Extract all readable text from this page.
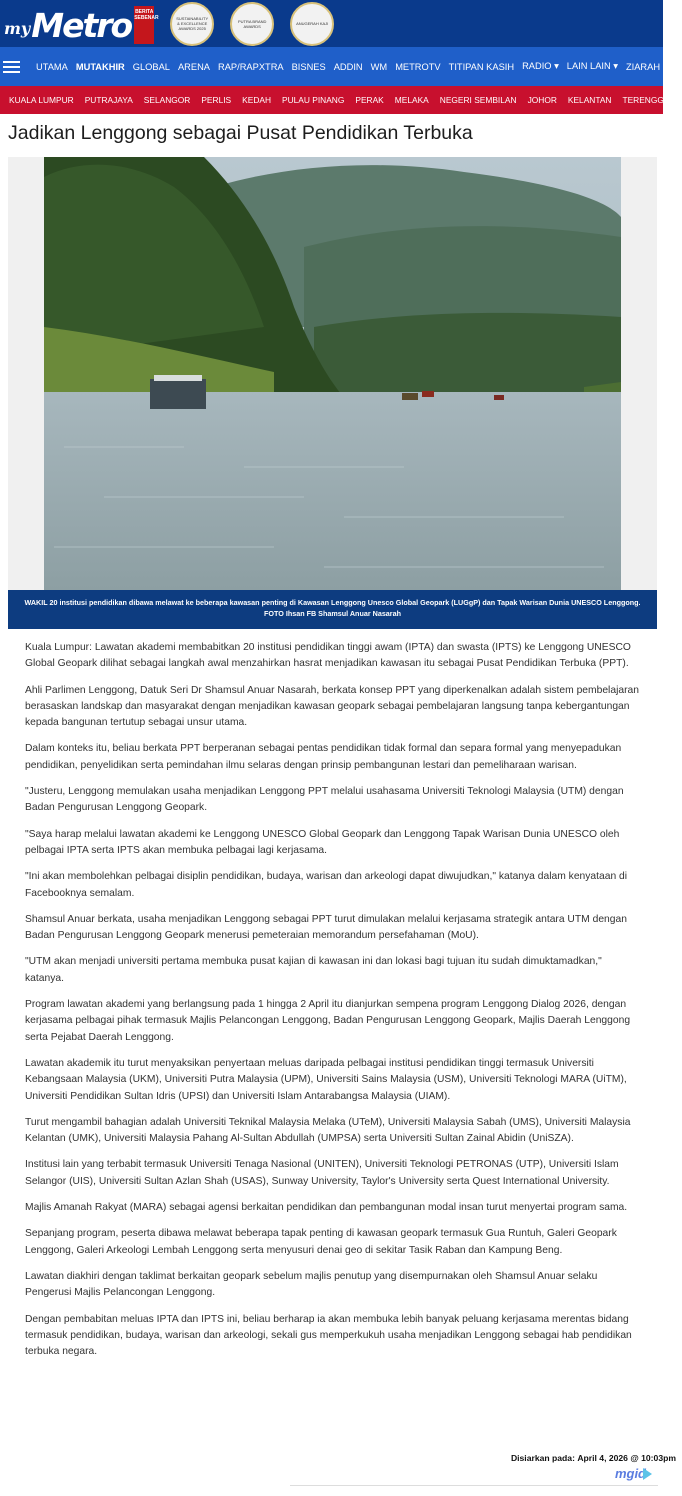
my Metro BERITA SEBENAR	SUSTAINABILITY & EXCELLENCE AWARDS 2025
PUTRA BRAND AWARDS	ANUGERAH KAJI
UTAMA MUTAKHIR GLOBAL ARENA RAP/RAPXTRA BISNES ADDIN WM METROTV TITIPAN KASIH RADIO ▾ LAIN LAIN ▾ ZIARAH
KUALA LUMPUR PUTRAJAYA SELANGOR PERLIS KEDAH PULAU PINANG PERAK MELAKA NEGERI SEMBILAN JOHOR KELANTAN TERENGGANU
Jadikan Lenggong sebagai Pusat Pendidikan Terbuka
WAKIL 20 institusi pendidikan dibawa melawat ke beberapa kawasan penting di Kawasan Lenggong Unesco Global Geopark (LUGgP) dan Tapak Warisan Dunia UNESCO Lenggong. FOTO Ihsan FB Shamsul Anuar Nasarah

Kuala Lumpur: Lawatan akademi membabitkan 20 institusi pendidikan tinggi awam (IPTA) dan swasta (IPTS) ke Lenggong UNESCO Global Geopark dilihat sebagai langkah awal menzahirkan hasrat menjadikan kawasan itu sebagai Pusat Pendidikan Terbuka (PPT).

Ahli Parlimen Lenggong, Datuk Seri Dr Shamsul Anuar Nasarah, berkata konsep PPT yang diperkenalkan adalah sistem pembelajaran berasaskan landskap dan masyarakat dengan menjadikan kawasan geopark sebagai pembelajaran langsung tanpa kebergantungan kepada bangunan tertutup sebagai unsur utama.

Dalam konteks itu, beliau berkata PPT berperanan sebagai pentas pendidikan tidak formal dan separa formal yang menyepadukan pendidikan, penyelidikan serta pemindahan ilmu selaras dengan prinsip pembangunan lestari dan pemeliharaan warisan.

"Justeru, Lenggong memulakan usaha menjadikan Lenggong PPT melalui usahasama Universiti Teknologi Malaysia (UTM) dengan Badan Pengurusan Lenggong Geopark.

"Saya harap melalui lawatan akademi ke Lenggong UNESCO Global Geopark dan Lenggong Tapak Warisan Dunia UNESCO oleh pelbagai IPTA serta IPTS akan membuka pelbagai lagi kerjasama.

"Ini akan membolehkan pelbagai disiplin pendidikan, budaya, warisan dan arkeologi dapat diwujudkan," katanya dalam kenyataan di Facebooknya semalam.

Shamsul Anuar berkata, usaha menjadikan Lenggong sebagai PPT turut dimulakan melalui kerjasama strategik antara UTM dengan Badan Pengurusan Lenggong Geopark menerusi pemeteraian memorandum persefahaman (MoU).

"UTM akan menjadi universiti pertama membuka pusat kajian di kawasan ini dan lokasi bagi tujuan itu sudah dimuktamadkan," katanya.

Program lawatan akademi yang berlangsung pada 1 hingga 2 April itu dianjurkan sempena program Lenggong Dialog 2026, dengan kerjasama pelbagai pihak termasuk Majlis Pelancongan Lenggong, Badan Pengurusan Lenggong Geopark, Majlis Daerah Lenggong serta Pejabat Daerah Lenggong.

Lawatan akademik itu turut menyaksikan penyertaan meluas daripada pelbagai institusi pendidikan tinggi termasuk Universiti Kebangsaan Malaysia (UKM), Universiti Putra Malaysia (UPM), Universiti Sains Malaysia (USM), Universiti Teknologi MARA (UiTM), Universiti Pendidikan Sultan Idris (UPSI) dan Universiti Islam Antarabangsa Malaysia (UIAM).

Turut mengambil bahagian adalah Universiti Teknikal Malaysia Melaka (UTeM), Universiti Malaysia Sabah (UMS), Universiti Malaysia Kelantan (UMK), Universiti Malaysia Pahang Al-Sultan Abdullah (UMPSA) serta Universiti Sultan Zainal Abidin (UniSZA).

Institusi lain yang terbabit termasuk Universiti Tenaga Nasional (UNITEN), Universiti Teknologi PETRONAS (UTP), Universiti Islam Selangor (UIS), Universiti Sultan Azlan Shah (USAS), Sunway University, Taylor's University serta Quest International University.

Majlis Amanah Rakyat (MARA) sebagai agensi berkaitan pendidikan dan pembangunan modal insan turut menyertai program sama.

Sepanjang program, peserta dibawa melawat beberapa tapak penting di kawasan geopark termasuk Gua Runtuh, Galeri Geopark Lenggong, Galeri Arkeologi Lembah Lenggong serta menyusuri denai geo di sekitar Tasik Raban dan Kampung Beng.

Lawatan diakhiri dengan taklimat berkaitan geopark sebelum majlis penutup yang disempurnakan oleh Shamsul Anuar selaku Pengerusi Majlis Pelancongan Lenggong.

Dengan pembabitan meluas IPTA dan IPTS ini, beliau berharap ia akan membuka lebih banyak peluang kerjasama merentas bidang termasuk pendidikan, budaya, warisan dan arkeologi, sekali gus memperkukuh usaha menjadikan Lenggong sebagai hab pendidikan terbuka negara.

Disiarkan pada: April 4, 2026 @ 10:03pm
mgid
